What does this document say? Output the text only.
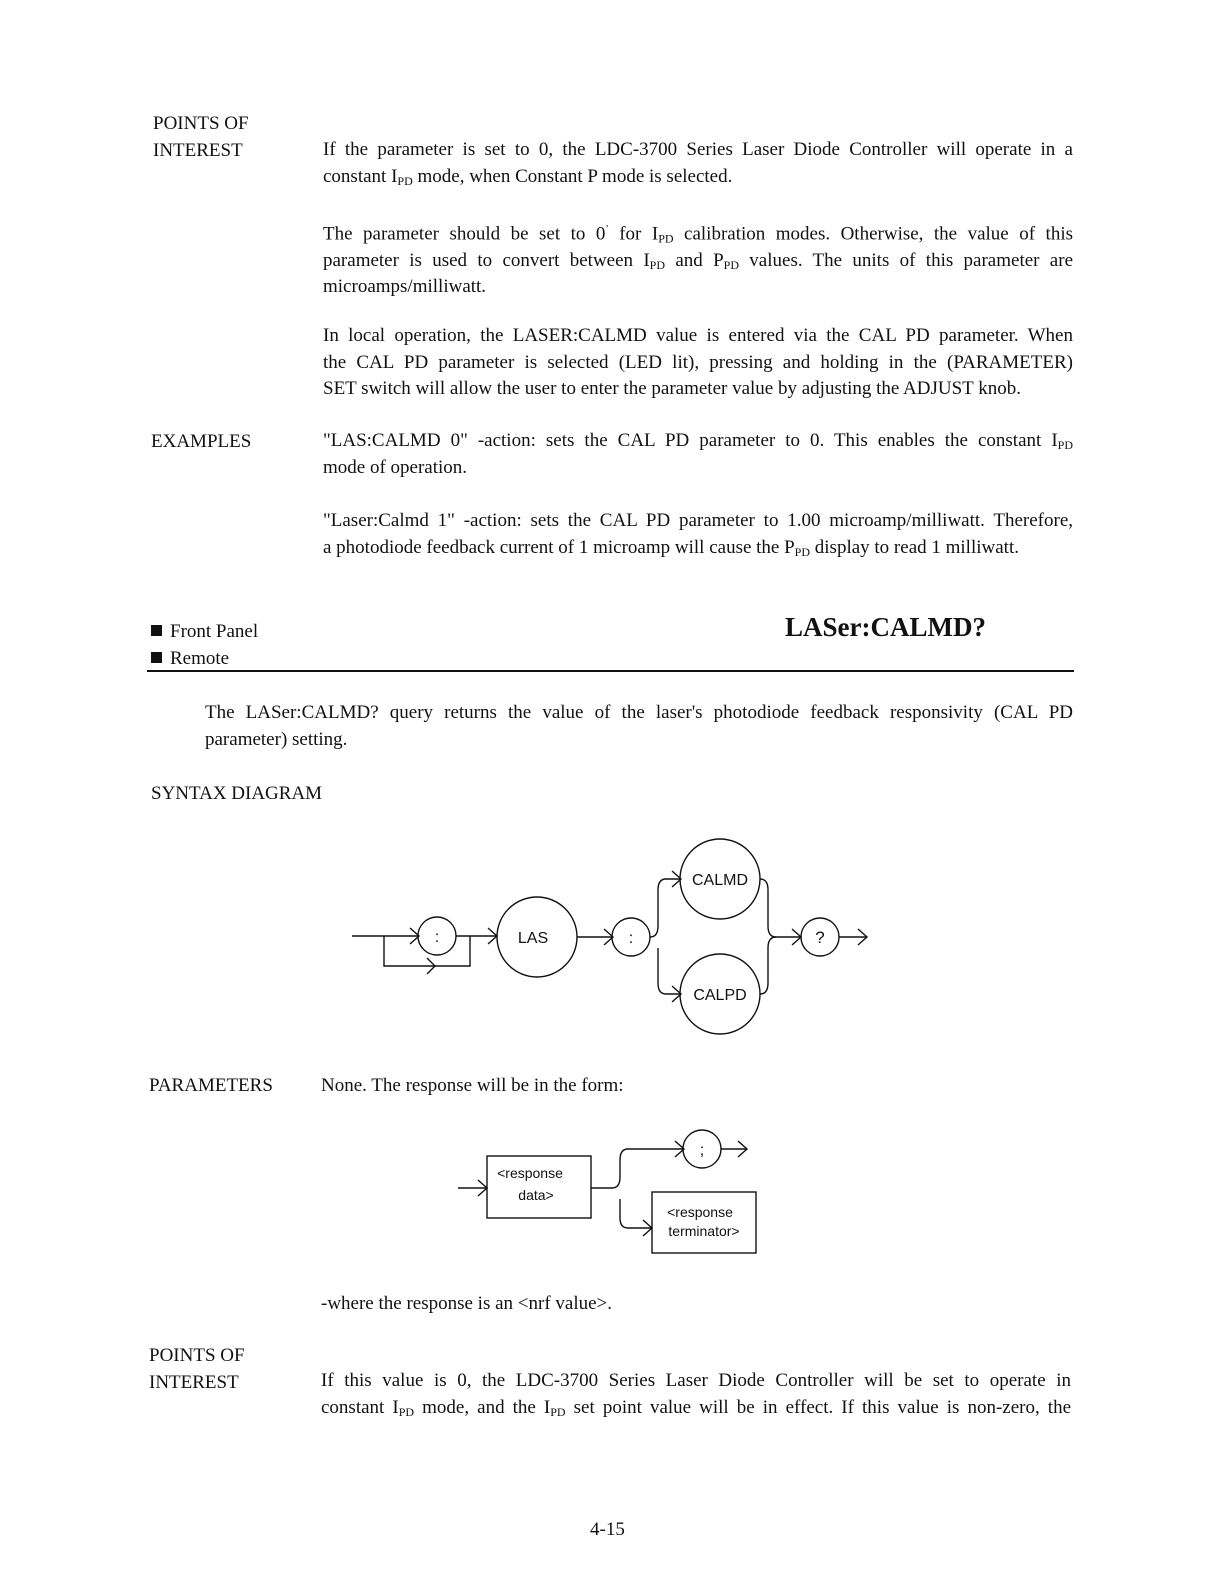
POINTS OF
INTEREST	If the parameter is set to 0, the LDC-3700 Series Laser Diode Controller will operate in a
constant $I_{PD}$ mode, when Constant P mode is selected.
The parameter should be set to 0’ for $I_{PD}$ calibration modes. Otherwise, the value of this
parameter is used to convert between $I_{PD}$ and $P_{PD}$ values. The units of this parameter are
microamps/milliwatt.
In local operation, the LASER:CALMD value is entered via the CAL PD parameter. When
the CAL PD parameter is selected (LED lit), pressing and holding in the (PARAMETER)
SET switch will allow the user to enter the parameter value by adjusting the ADJUST knob.
EXAMPLES	"LAS:CALMD 0" -action: sets the CAL PD parameter to 0. This enables the constant $I_{PD}$
mode of operation.
"Laser:Calmd 1" -action: sets the CAL PD parameter to 1.00 microamp/milliwatt. Therefore,
a photodiode feedback current of 1 microamp will cause the $P_{PD}$ display to read 1 milliwatt.
Front Panel
Remote
LASer:CALMD?
The LASer:CALMD? query returns the value of the laser's photodiode feedback responsivity (CAL PD
parameter) setting.
SYNTAX DIAGRAM
:	LAS	:
CALMD
CALPD
?
;
<response
data>
<response
terminator>
PARAMETERS	None. The response will be in the form:
-where the response is an <nrf value>.
POINTS OF
INTEREST	If this value is 0, the LDC-3700 Series Laser Diode Controller will be set to operate in
constant $I_{PD}$ mode, and the $I_{PD}$ set point value will be in effect. If this value is non-zero, the
4-15
